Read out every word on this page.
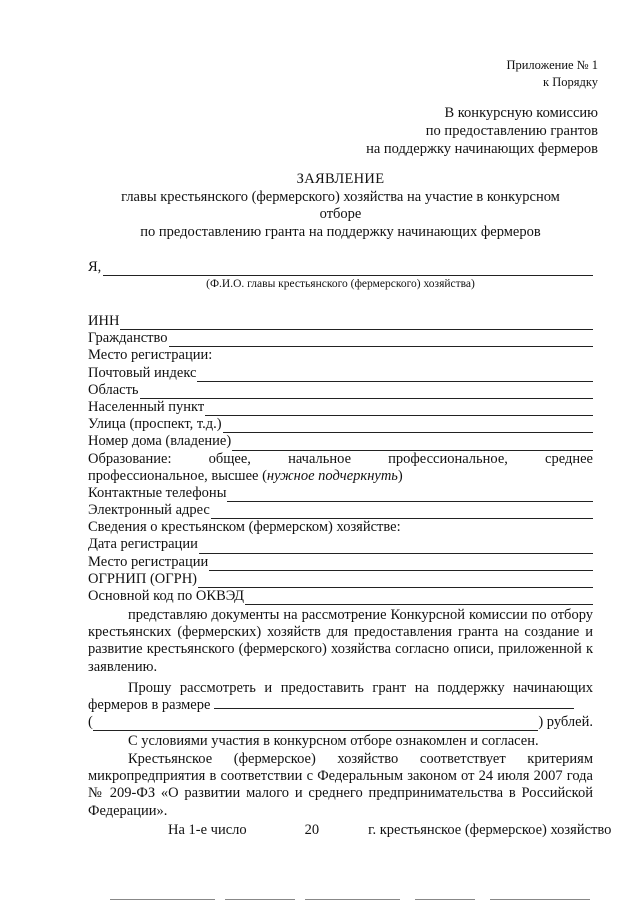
Приложение № 1
к Порядку
В конкурсную комиссию
по предоставлению грантов
на поддержку начинающих фермеров
ЗАЯВЛЕНИЕ
главы крестьянского (фермерского) хозяйства на участие в конкурсном
отборе
по предоставлению гранта на поддержку начинающих фермеров
Я,
(Ф.И.О. главы крестьянского (фермерского) хозяйства)
ИНН
Гражданство
Место регистрации:
Почтовый индекс
Область
Населенный пункт
Улица (проспект, т.д.)
Номер дома (владение)
Образование:	общее,	начальное	профессиональное,	среднее
профессиональное, высшее (нужное подчеркнуть)
Контактные телефоны
Электронный адрес
Сведения о крестьянском (фермерском) хозяйстве:
Дата регистрации
Место регистрации
ОГРНИП (ОГРН)
Основной код по ОКВЭД
представляю документы на рассмотрение Конкурсной комиссии по отбору крестьянских (фермерских) хозяйств для предоставления гранта на создание и развитие крестьянского (фермерского) хозяйства согласно описи, приложенной к заявлению.
Прошу рассмотреть и предоставить грант на поддержку начинающих фермеров в размере
(	) рублей.
С условиями участия в конкурсном отборе ознакомлен и согласен.
Крестьянское (фермерское) хозяйство соответствует критериям микропредприятия в соответствии с Федеральным законом от 24 июля 2007 года № 209-ФЗ «О развитии малого и среднего предпринимательства в Российской Федерации».
На 1-е число	20	г. крестьянское (фермерское) хозяйство
